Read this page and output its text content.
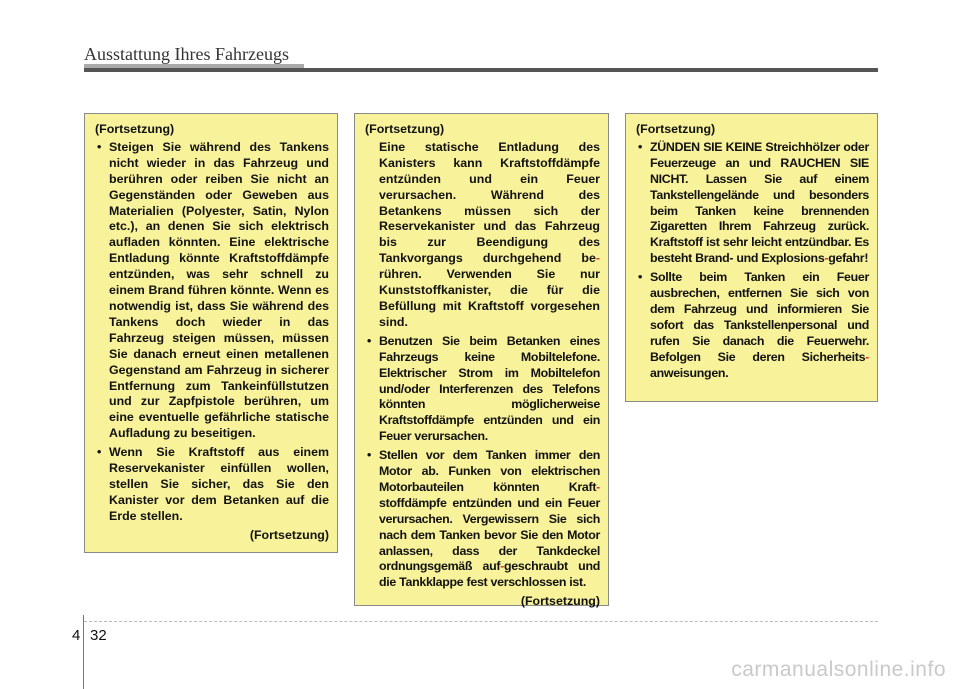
Ausstattung Ihres Fahrzeugs
(Fortsetzung)
• Steigen Sie während des Tankens nicht wieder in das Fahrzeug und berühren oder reiben Sie nicht an Gegenständen oder Geweben aus Materialien (Polyester, Satin, Nylon etc.), an denen Sie sich elektrisch aufladen könnten. Eine elektrische Entladung könnte Kraftstoffdämpfe entzünden, was sehr schnell zu einem Brand führen könnte. Wenn es notwendig ist, dass Sie während des Tankens doch wieder in das Fahrzeug steigen müssen, müssen Sie danach erneut einen metallenen Gegenstand am Fahrzeug in sicherer Entfernung zum Tankeinfüllstutzen und zur Zapfpistole berühren, um eine eventuelle gefährliche statische Aufladung zu beseitigen.
• Wenn Sie Kraftstoff aus einem Reservekanister einfüllen wollen, stellen Sie sicher, das Sie den Kanister vor dem Betanken auf die Erde stellen.
(Fortsetzung)
(Fortsetzung)
Eine statische Entladung des Kanisters kann Kraftstoffdämpfe entzünden und ein Feuer verursachen. Während des Betankens müssen sich der Reservekanister und das Fahrzeug bis zur Beendigung des Tankvorgangs durchgehend be-rühren. Verwenden Sie nur Kunststoffkanister, die für die Befüllung mit Kraftstoff vorgesehen sind.
• Benutzen Sie beim Betanken eines Fahrzeugs keine Mobiltelefone. Elektrischer Strom im Mobiltelefon und/oder Interferenzen des Telefons könnten möglicherweise Kraftstoffdämpfe entzünden und ein Feuer verursachen.
• Stellen vor dem Tanken immer den Motor ab. Funken von elektrischen Motorbauteilen könnten Kraft-stoffdämpfe entzünden und ein Feuer verursachen. Vergewissern Sie sich nach dem Tanken bevor Sie den Motor anlassen, dass der Tankdeckel ordnungsgemäß auf-geschraubt und die Tankklappe fest verschlossen ist.
(Fortsetzung)
(Fortsetzung)
• ZÜNDEN SIE KEINE Streichhölzer oder Feuerzeuge an und RAUCHEN SIE NICHT. Lassen Sie auf einem Tankstellengelände und besonders beim Tanken keine brennenden Zigaretten Ihrem Fahrzeug zurück. Kraftstoff ist sehr leicht entzündbar. Es besteht Brand- und Explosions-gefahr!
• Sollte beim Tanken ein Feuer ausbrechen, entfernen Sie sich von dem Fahrzeug und informieren Sie sofort das Tankstellenpersonal und rufen Sie danach die Feuerwehr. Befolgen Sie deren Sicherheits-anweisungen.
4 32
carmanualsonline.info
